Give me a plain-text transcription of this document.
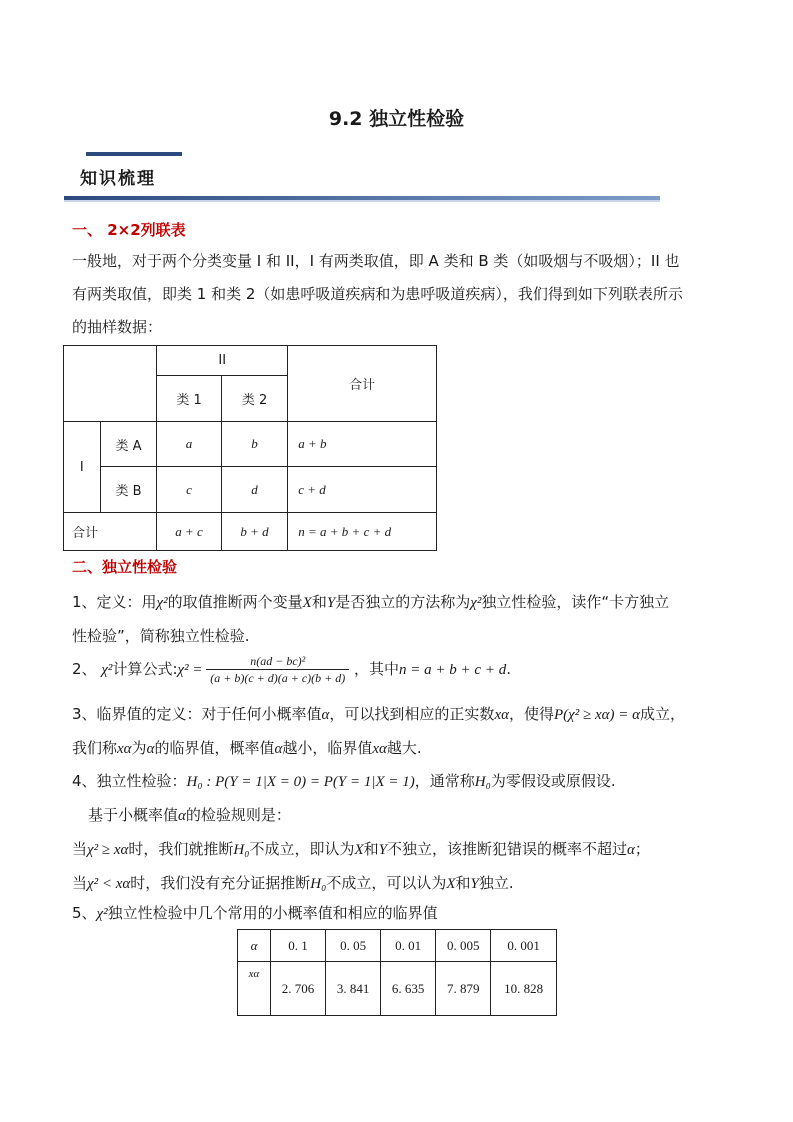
9.2 独立性检验
知识梳理
一、 2×2列联表
一般地，对于两个分类变量 I 和 II，I 有两类取值，即 A 类和 B 类（如吸烟与不吸烟）；II 也
有两类取值，即类 1 和类 2（如患呼吸道疾病和为患呼吸道疾病），我们得到如下列联表所示
的抽样数据：
		II		合计
		类 1	类 2	
I	类 A	a	b	a + b
	类 B	c	d	c + d
合计		a + c	b + d	n = a + b + c + d
二、独立性检验
1、定义：用χ²的取值推断两个变量X和Y是否独立的方法称为χ²独立性检验，读作“卡方独立
性检验”，简称独立性检验.
2、 χ²计算公式:χ² = $\frac{\text{n(ad − bc)²}}{(a + b)(c + d)(a + c)(b + d)}$ ，其中n = a + b + c + d.
3、临界值的定义：对于任何小概率值α，可以找到相应的正实数xα，使得P(χ² ≥ xα) = α成立，
我们称xα为α的临界值，概率值α越小，临界值xα越大.
4、独立性检验：H₀ : P(Y = 1|X = 0) = P(Y = 1|X = 1)，通常称H₀为零假设或原假设.
基于小概率值α的检验规则是：
当χ² ≥ xα时，我们就推断H₀不成立，即认为X和Y不独立，该推断犯错误的概率不超过α；
当χ² < xα时，我们没有充分证据推断H₀不成立，可以认为X和Y独立.
5、χ²独立性检验中几个常用的小概率值和相应的临界值
α	0. 1	0. 05	0. 01	0. 005	0. 001
xα	2. 706	3. 841	6. 635	7. 879	10. 828
